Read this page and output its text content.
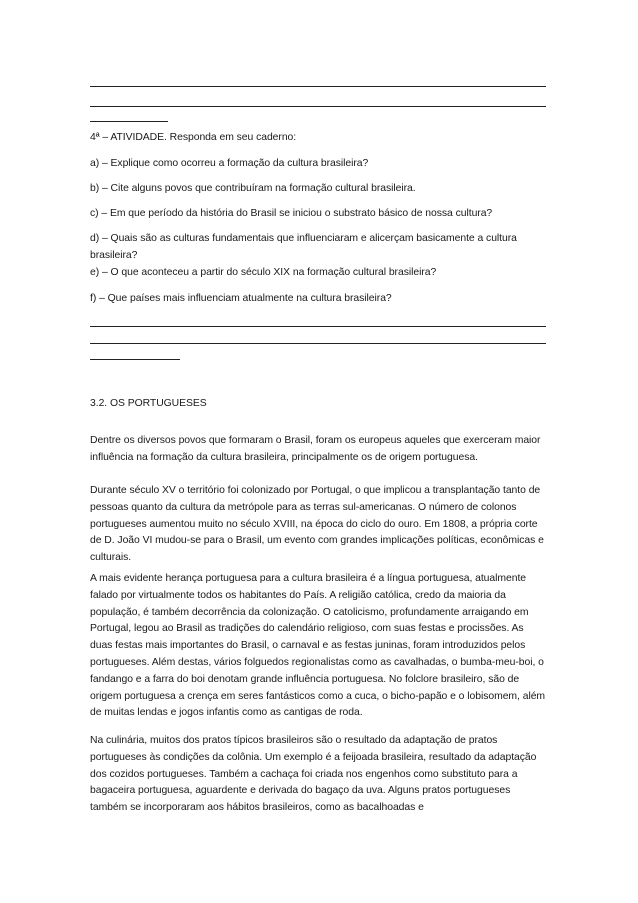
4ª – ATIVIDADE. Responda em seu caderno:

a) – Explique como ocorreu a formação da cultura brasileira?

b) – Cite alguns povos que contribuíram na formação cultural brasileira.

c) – Em que período da história do Brasil se iniciou o substrato básico de nossa cultura?

d) – Quais são as culturas fundamentais que influenciaram e alicerçam basicamente a cultura brasileira?

e) – O que aconteceu a partir do século XIX na formação cultural brasileira?

f) – Que países mais influenciam atualmente na cultura brasileira?

3.2. OS PORTUGUESES

Dentre os diversos povos que formaram o Brasil, foram os europeus aqueles que exerceram maior influência na formação da cultura brasileira, principalmente os de origem portuguesa.

Durante século XV o território foi colonizado por Portugal, o que implicou a transplantação tanto de pessoas quanto da cultura da metrópole para as terras sul-americanas. O número de colonos portugueses aumentou muito no século XVIII, na época do ciclo do ouro. Em 1808, a própria corte de D. João VI mudou-se para o Brasil, um evento com grandes implicações políticas, econômicas e culturais.

A mais evidente herança portuguesa para a cultura brasileira é a língua portuguesa, atualmente falado por virtualmente todos os habitantes do País. A religião católica, credo da maioria da população, é também decorrência da colonização. O catolicismo, profundamente arraigando em Portugal, legou ao Brasil as tradições do calendário religioso, com suas festas e procissões. As duas festas mais importantes do Brasil, o carnaval e as festas juninas, foram introduzidos pelos portugueses. Além destas, vários folguedos regionalistas como as cavalhadas, o bumba-meu-boi, o fandango e a farra do boi denotam grande influência portuguesa. No folclore brasileiro, são de origem portuguesa a crença em seres fantásticos como a cuca, o bicho-papão e o lobisomem, além de muitas lendas e jogos infantis como as cantigas de roda.

Na culinária, muitos dos pratos típicos brasileiros são o resultado da adaptação de pratos portugueses às condições da colônia. Um exemplo é a feijoada brasileira, resultado da adaptação dos cozidos portugueses. Também a cachaça foi criada nos engenhos como substituto para a bagaceira portuguesa, aguardente e derivada do bagaço da uva. Alguns pratos portugueses também se incorporaram aos hábitos brasileiros, como as bacalhoadas e
